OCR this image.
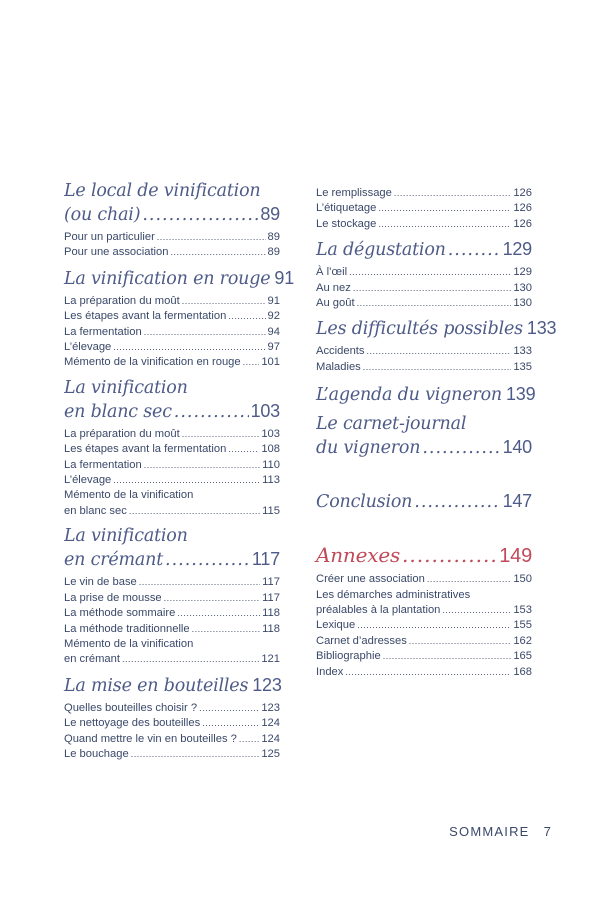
Le local de vinification
(ou chai) .....	89
Pour un particulier .....	89
Pour une association .....	89
La vinification en rouge 91
La préparation du moût .....	91
Les étapes avant la fermentation .....	92
La fermentation .....	94
L’élevage .....	97
Mémento de la vinification en rouge ..... 101
La vinification
en blanc sec .....	103
La préparation du moût .....	103
Les étapes avant la fermentation .....	108
La fermentation .....	110
L’élevage .....	113
Mémento de la vinification
en blanc sec .....	115
La vinification
en crémant .....	117
Le vin de base .....	117
La prise de mousse .....	117
La méthode sommaire .....	118
La méthode traditionnelle .....	118
Mémento de la vinification
en crémant .....	121
La mise en bouteilles 123
Quelles bouteilles choisir ? .....	123
Le nettoyage des bouteilles .....	124
Quand mettre le vin en bouteilles ? ..... 124
Le bouchage .....	125
Le remplissage .....	126
L’étiquetage .....	126
Le stockage .....	126
La dégustation .....	129
À l’œil .....	129
Au nez .....	130
Au goût .....	130
Les difficultés possibles 133
Accidents .....	133
Maladies .....	135
L’agenda du vigneron 139
Le carnet-journal
du vigneron .....	140
Conclusion .....	147
Annexes .....	149
Créer une association .....	150
Les démarches administratives
préalables à la plantation .....	153
Lexique .....	155
Carnet d’adresses .....	162
Bibliographie .....	165
Index .....	168
SOMMAIRE 7
